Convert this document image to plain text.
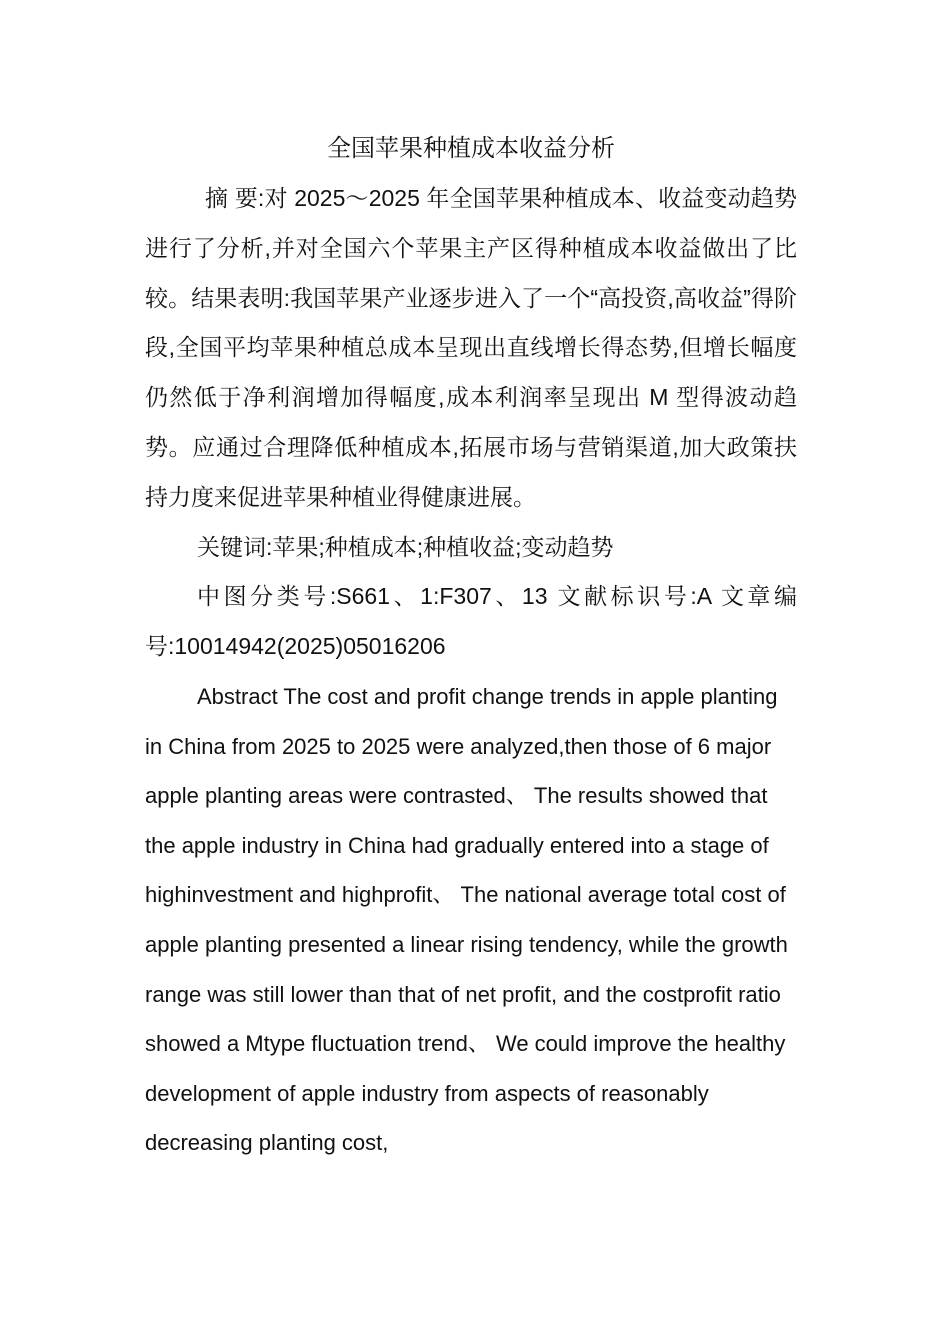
全国苹果种植成本收益分析

摘 要:对 2025～2025 年全国苹果种植成本、收益变动趋势进行了分析,并对全国六个苹果主产区得种植成本收益做出了比较。结果表明:我国苹果产业逐步进入了一个“高投资,高收益”得阶段,全国平均苹果种植总成本呈现出直线增长得态势,但增长幅度仍然低于净利润增加得幅度,成本利润率呈现出 M 型得波动趋势。应通过合理降低种植成本,拓展市场与营销渠道,加大政策扶持力度来促进苹果种植业得健康进展。

关键词:苹果;种植成本;种植收益;变动趋势

中图分类号:S661、1:F307、13 文献标识号:A 文章编号:10014942(2025)05016206

Abstract The cost and profit change trends in apple planting in China from 2025 to 2025 were analyzed,then those of 6 major apple planting areas were contrasted、 The results showed that the apple industry in China had gradually entered into a stage of highinvestment and highprofit、 The national average total cost of apple planting presented a linear rising tendency, while the growth range was still lower than that of net profit, and the costprofit ratio showed a Mtype fluctuation trend、 We could improve the healthy development of apple industry from aspects of reasonably decreasing planting cost,
